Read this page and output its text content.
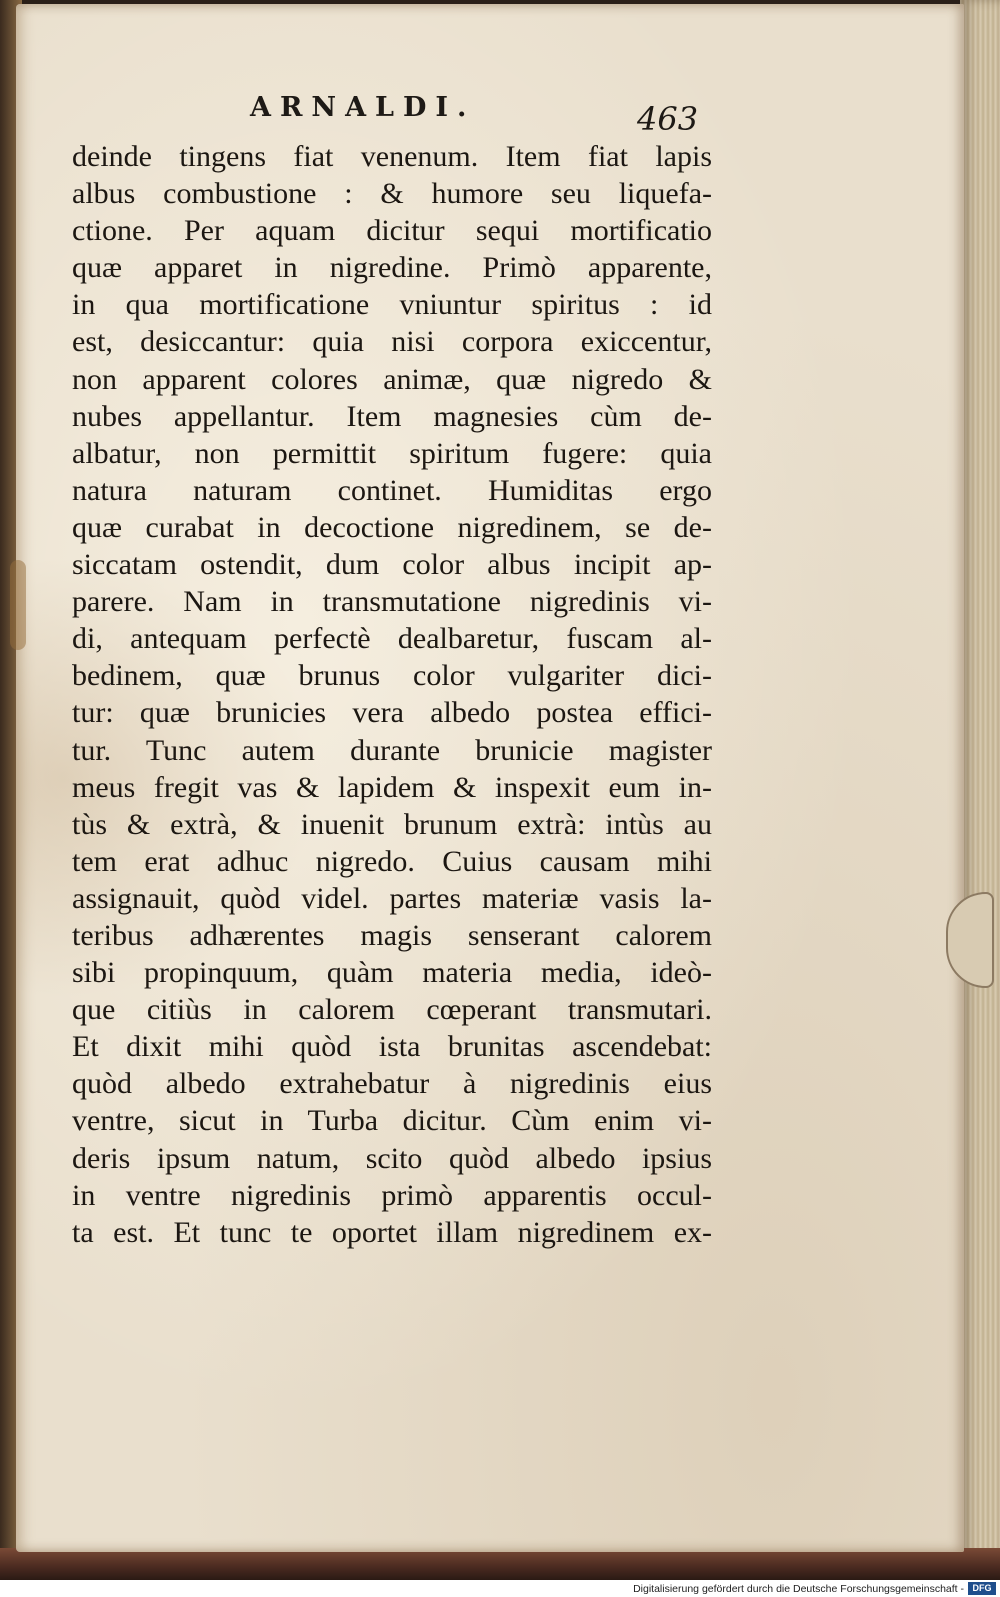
ARNALDI.	463
deinde tingens fiat venenum. Item fiat lapis
albus combustione : & humore seu liquefa-
ctione. Per aquam dicitur sequi mortificatio
quæ apparet in nigredine. Primò apparente,
in qua mortificatione vniuntur spiritus : id
est, desiccantur: quia nisi corpora exiccentur,
non apparent colores animæ, quæ nigredo &
nubes appellantur. Item magnesies cùm de-
albatur, non permittit spiritum fugere: quia
natura naturam continet. Humiditas ergo
quæ curabat in decoctione nigredinem, se de-
siccatam ostendit, dum color albus incipit ap-
parere. Nam in transmutatione nigredinis vi-
di, antequam perfectè dealbaretur, fuscam al-
bedinem, quæ brunus color vulgariter dici-
tur: quæ brunicies vera albedo postea effici-
tur. Tunc autem durante brunicie magister
meus fregit vas & lapidem & inspexit eum in-
tùs & extrà, & inuenit brunum extrà: intùs au
tem erat adhuc nigredo. Cuius causam mihi
assignauit, quòd videl. partes materiæ vasis la-
teribus adhærentes magis senserant calorem
sibi propinquum, quàm materia media, ideò-
que citiùs in calorem cœperant transmutari.
Et dixit mihi quòd ista brunitas ascendebat:
quòd albedo extrahebatur à nigredinis eius
ventre, sicut in Turba dicitur. Cùm enim vi-
deris ipsum natum, scito quòd albedo ipsius
in ventre nigredinis primò apparentis occul-
ta est. Et tunc te oportet illam nigredinem ex-
Digitalisierung gefördert durch die Deutsche Forschungsgemeinschaft - DFG
